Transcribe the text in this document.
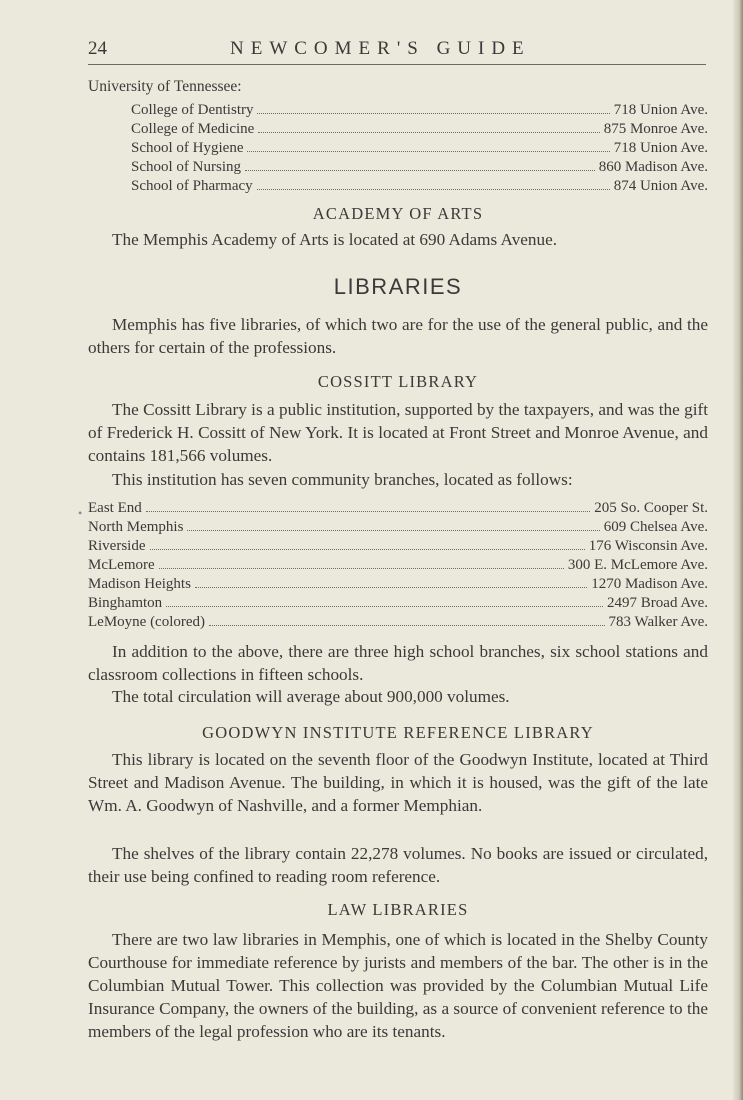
24	NEWCOMER'S GUIDE
University of Tennessee:
College of Dentistry	718 Union Ave.
College of Medicine	875 Monroe Ave.
School of Hygiene	718 Union Ave.
School of Nursing	860 Madison Ave.
School of Pharmacy	874 Union Ave.
ACADEMY OF ARTS

The Memphis Academy of Arts is located at 690 Adams Avenue.

LIBRARIES

Memphis has five libraries, of which two are for the use of the general public, and the others for certain of the professions.

COSSITT LIBRARY

The Cossitt Library is a public institution, supported by the taxpayers, and was the gift of Frederick H. Cossitt of New York. It is located at Front Street and Monroe Avenue, and contains 181,566 volumes.

This institution has seven community branches, located as follows:

• East End	205 So. Cooper St.
North Memphis	609 Chelsea Ave.
Riverside	176 Wisconsin Ave.
McLemore	300 E. McLemore Ave.
Madison Heights	1270 Madison Ave.
Binghamton	2497 Broad Ave.
LeMoyne (colored)	783 Walker Ave.

In addition to the above, there are three high school branches, six school stations and classroom collections in fifteen schools.

The total circulation will average about 900,000 volumes.

GOODWYN INSTITUTE REFERENCE LIBRARY

This library is located on the seventh floor of the Goodwyn Institute, located at Third Street and Madison Avenue. The building, in which it is housed, was the gift of the late Wm. A. Goodwyn of Nashville, and a former Memphian.

The shelves of the library contain 22,278 volumes. No books are issued or circulated, their use being confined to reading room reference.

LAW LIBRARIES

There are two law libraries in Memphis, one of which is located in the Shelby County Courthouse for immediate reference by jurists and members of the bar. The other is in the Columbian Mutual Tower. This collection was provided by the Columbian Mutual Life Insurance Company, the owners of the building, as a source of convenient reference to the members of the legal profession who are its tenants.
